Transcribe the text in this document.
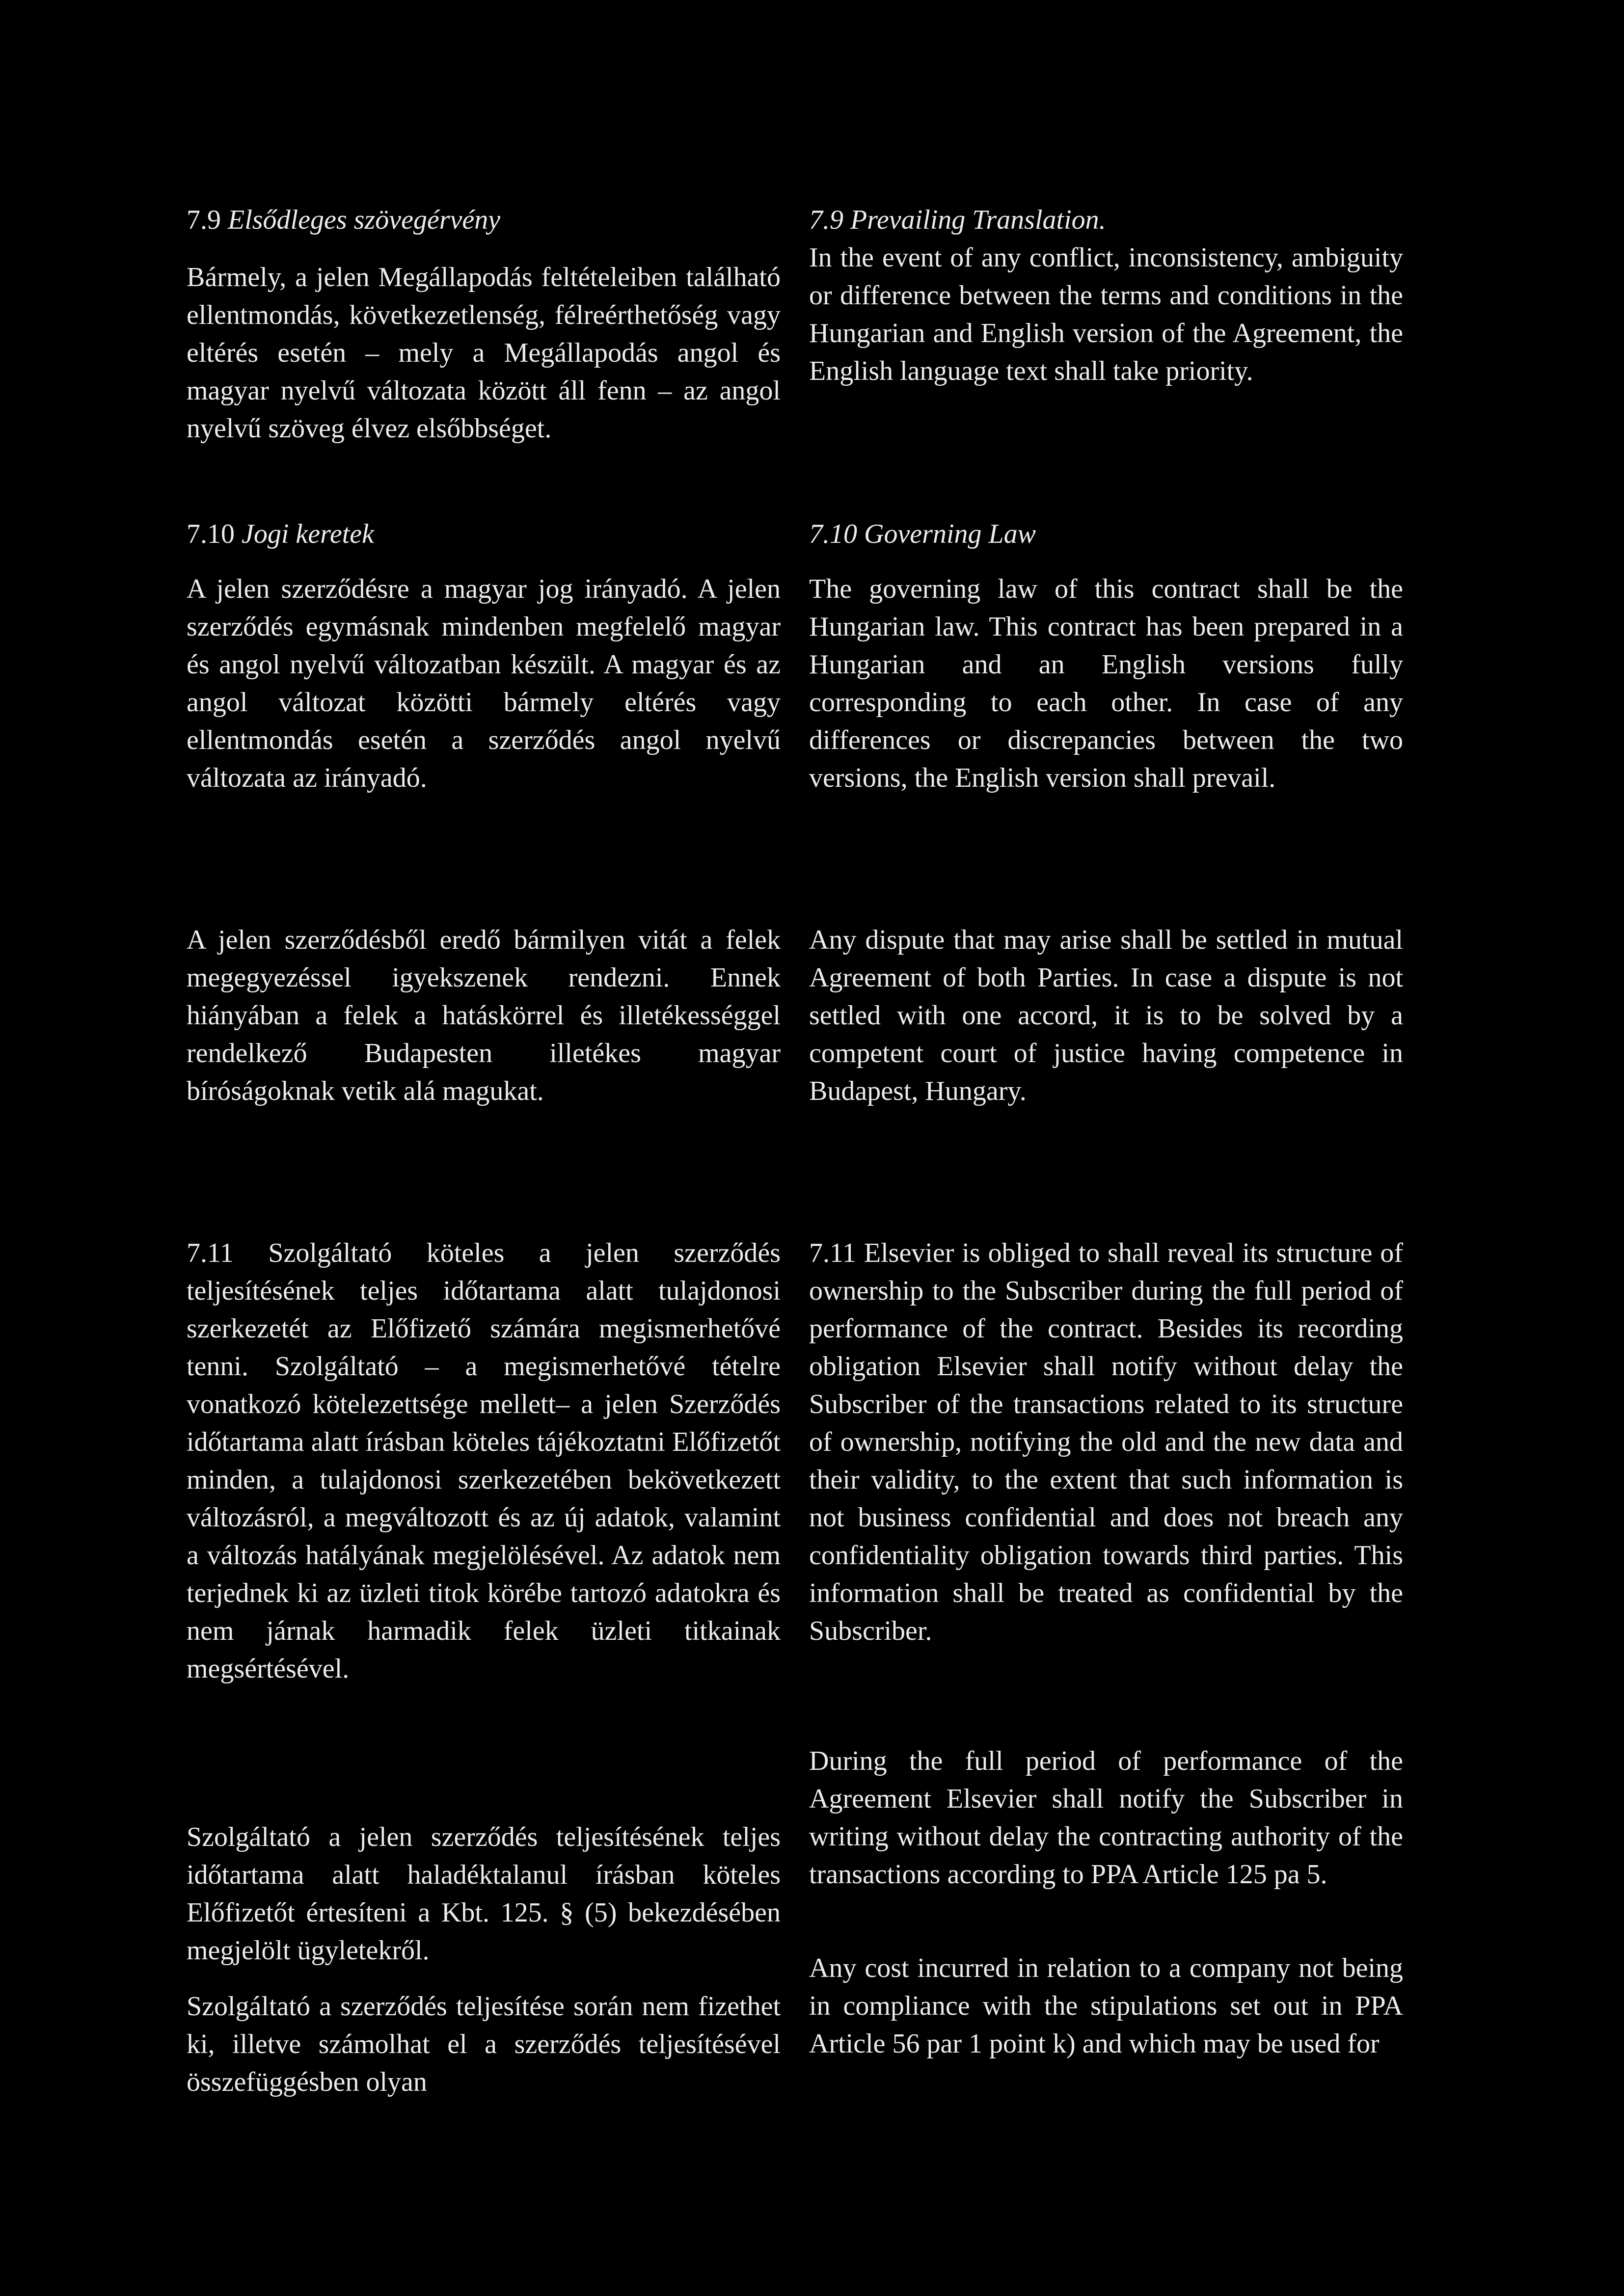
7.9 Elsődleges szövegérvény

Bármely, a jelen Megállapodás feltételeiben található ellentmondás, következetlenség, félreérthetőség vagy eltérés esetén – mely a Megállapodás angol és magyar nyelvű változata között áll fenn – az angol nyelvű szöveg élvez elsőbbséget.

7.9 Prevailing Translation.

In the event of any conflict, inconsistency, ambiguity or difference between the terms and conditions in the Hungarian and English version of the Agreement, the English language text shall take priority.

7.10 Jogi keretek

A jelen szerződésre a magyar jog irányadó. A jelen szerződés egymásnak mindenben megfelelő magyar és angol nyelvű változatban készült. A magyar és az angol változat közötti bármely eltérés vagy ellentmondás esetén a szerződés angol nyelvű változata az irányadó.

7.10 Governing Law

The governing law of this contract shall be the Hungarian law. This contract has been prepared in a Hungarian and an English versions fully corresponding to each other. In case of any differences or discrepancies between the two versions, the English version shall prevail.

A jelen szerződésből eredő bármilyen vitát a felek megegyezéssel igyekszenek rendezni. Ennek hiányában a felek a hatáskörrel és illetékességgel rendelkező Budapesten illetékes magyar bíróságoknak vetik alá magukat.

Any dispute that may arise shall be settled in mutual Agreement of both Parties. In case a dispute is not settled with one accord, it is to be solved by a competent court of justice having competence in Budapest, Hungary.

7.11 Szolgáltató köteles a jelen szerződés teljesítésének teljes időtartama alatt tulajdonosi szerkezetét az Előfizető számára megismerhetővé tenni. Szolgáltató – a megismerhetővé tételre vonatkozó kötelezettsége mellett– a jelen Szerződés időtartama alatt írásban köteles tájékoztatni Előfizetőt minden, a tulajdonosi szerkezetében bekövetkezett változásról, a megváltozott és az új adatok, valamint a változás hatályának megjelölésével. Az adatok nem terjednek ki az üzleti titok körébe tartozó adatokra és nem járnak harmadik felek üzleti titkainak megsértésével.

Szolgáltató a jelen szerződés teljesítésének teljes időtartama alatt haladéktalanul írásban köteles Előfizetőt értesíteni a Kbt. 125. § (5) bekezdésében megjelölt ügyletekről.

Szolgáltató a szerződés teljesítése során nem fizethet ki, illetve számolhat el a szerződés teljesítésével összefüggésben olyan

7.11 Elsevier is obliged to shall reveal its structure of ownership to the Subscriber during the full period of performance of the contract. Besides its recording obligation Elsevier shall notify without delay the Subscriber of the transactions related to its structure of ownership, notifying the old and the new data and their validity, to the extent that such information is not business confidential and does not breach any confidentiality obligation towards third parties. This information shall be treated as confidential by the Subscriber.

During the full period of performance of the Agreement Elsevier shall notify the Subscriber in writing without delay the contracting authority of the transactions according to PPA Article 125 pa 5.

Any cost incurred in relation to a company not being in compliance with the stipulations set out in PPA Article 56 par 1 point k) and which may be used for
